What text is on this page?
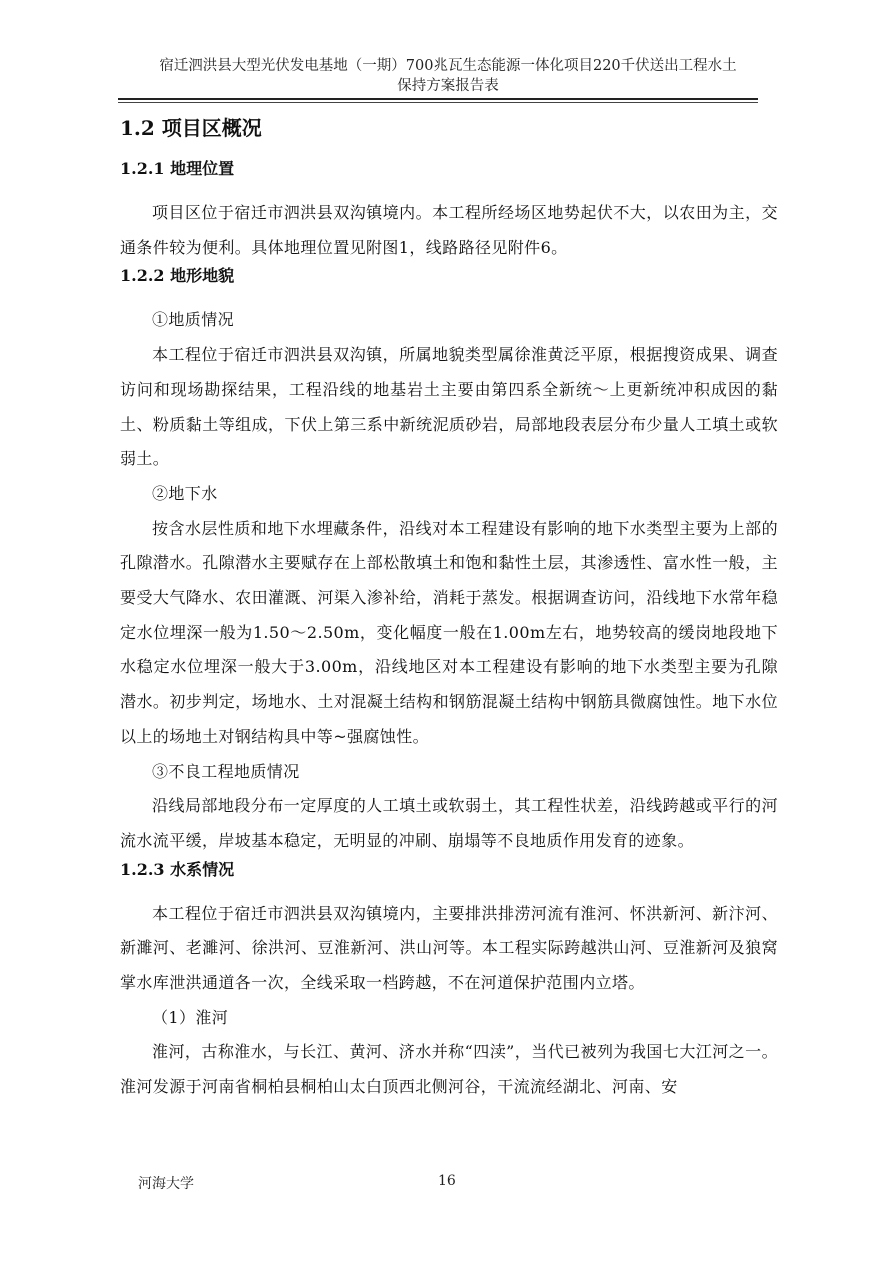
宿迁泗洪县大型光伏发电基地（一期）700兆瓦生态能源一体化项目220千伏送出工程水土
保持方案报告表
1.2 项目区概况
1.2.1 地理位置

项目区位于宿迁市泗洪县双沟镇境内。本工程所经场区地势起伏不大，以农田为主，交通条件较为便利。具体地理位置见附图1，线路路径见附件6。

1.2.2 地形地貌

①地质情况

本工程位于宿迁市泗洪县双沟镇，所属地貌类型属徐淮黄泛平原，根据搜资成果、调查访问和现场勘探结果，工程沿线的地基岩土主要由第四系全新统～上更新统冲积成因的黏土、粉质黏土等组成，下伏上第三系中新统泥质砂岩，局部地段表层分布少量人工填土或软弱土。

②地下水

按含水层性质和地下水埋藏条件，沿线对本工程建设有影响的地下水类型主要为上部的孔隙潜水。孔隙潜水主要赋存在上部松散填土和饱和黏性土层，其渗透性、富水性一般，主要受大气降水、农田灌溉、河渠入渗补给，消耗于蒸发。根据调查访问，沿线地下水常年稳定水位埋深一般为1.50～2.50m，变化幅度一般在1.00m左右，地势较高的缓岗地段地下水稳定水位埋深一般大于3.00m，沿线地区对本工程建设有影响的地下水类型主要为孔隙潜水。初步判定，场地水、土对混凝土结构和钢筋混凝土结构中钢筋具微腐蚀性。地下水位以上的场地土对钢结构具中等~强腐蚀性。

③不良工程地质情况

沿线局部地段分布一定厚度的人工填土或软弱土，其工程性状差，沿线跨越或平行的河流水流平缓，岸坡基本稳定，无明显的冲刷、崩塌等不良地质作用发育的迹象。

1.2.3 水系情况

本工程位于宿迁市泗洪县双沟镇境内，主要排洪排涝河流有淮河、怀洪新河、新汴河、新濉河、老濉河、徐洪河、豆淮新河、洪山河等。本工程实际跨越洪山河、豆淮新河及狼窝掌水库泄洪通道各一次，全线采取一档跨越，不在河道保护范围内立塔。

（1）淮河

淮河，古称淮水，与长江、黄河、济水并称“四渎”，当代已被列为我国七大江河之一。淮河发源于河南省桐柏县桐柏山太白顶西北侧河谷，干流流经湖北、河南、安

河海大学	16
